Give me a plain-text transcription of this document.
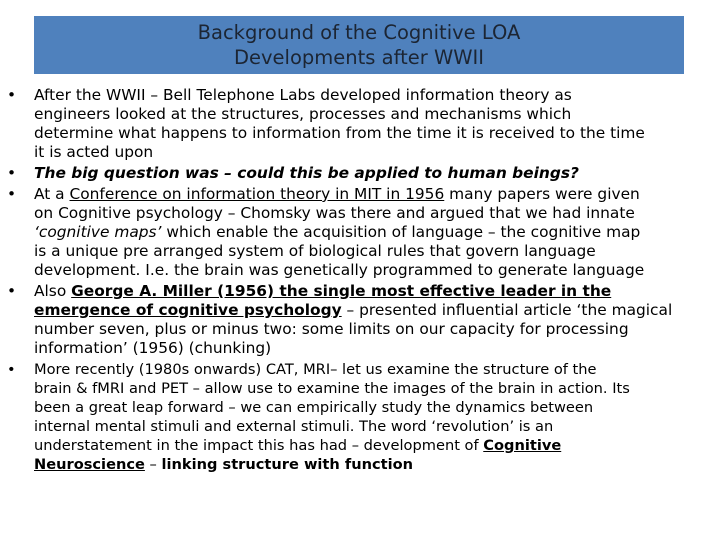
Background of the Cognitive LOA
Developments after WWII
• After the WWII – Bell Telephone Labs developed information theory as
engineers looked at the structures, processes and mechanisms which
determine what happens to information from the time it is received to the time
it is acted upon
• The big question was – could this be applied to human beings?
• At a Conference on information theory in MIT in 1956 many papers were given
on Cognitive psychology – Chomsky was there and argued that we had innate
‘cognitive maps’ which enable the acquisition of language – the cognitive map
is a unique pre arranged system of biological rules that govern language
development. I.e. the brain was genetically programmed to generate language
• Also George A. Miller (1956) the single most effective leader in the
emergence of cognitive psychology – presented influential article ‘the magical
number seven, plus or minus two: some limits on our capacity for processing
information’ (1956) (chunking)
• More recently (1980s onwards) CAT, MRI– let us examine the structure of the
brain & fMRI and PET – allow use to examine the images of the brain in action. Its
been a great leap forward – we can empirically study the dynamics between
internal mental stimuli and external stimuli. The word ‘revolution’ is an
understatement in the impact this has had – development of Cognitive
Neuroscience – linking structure with function
